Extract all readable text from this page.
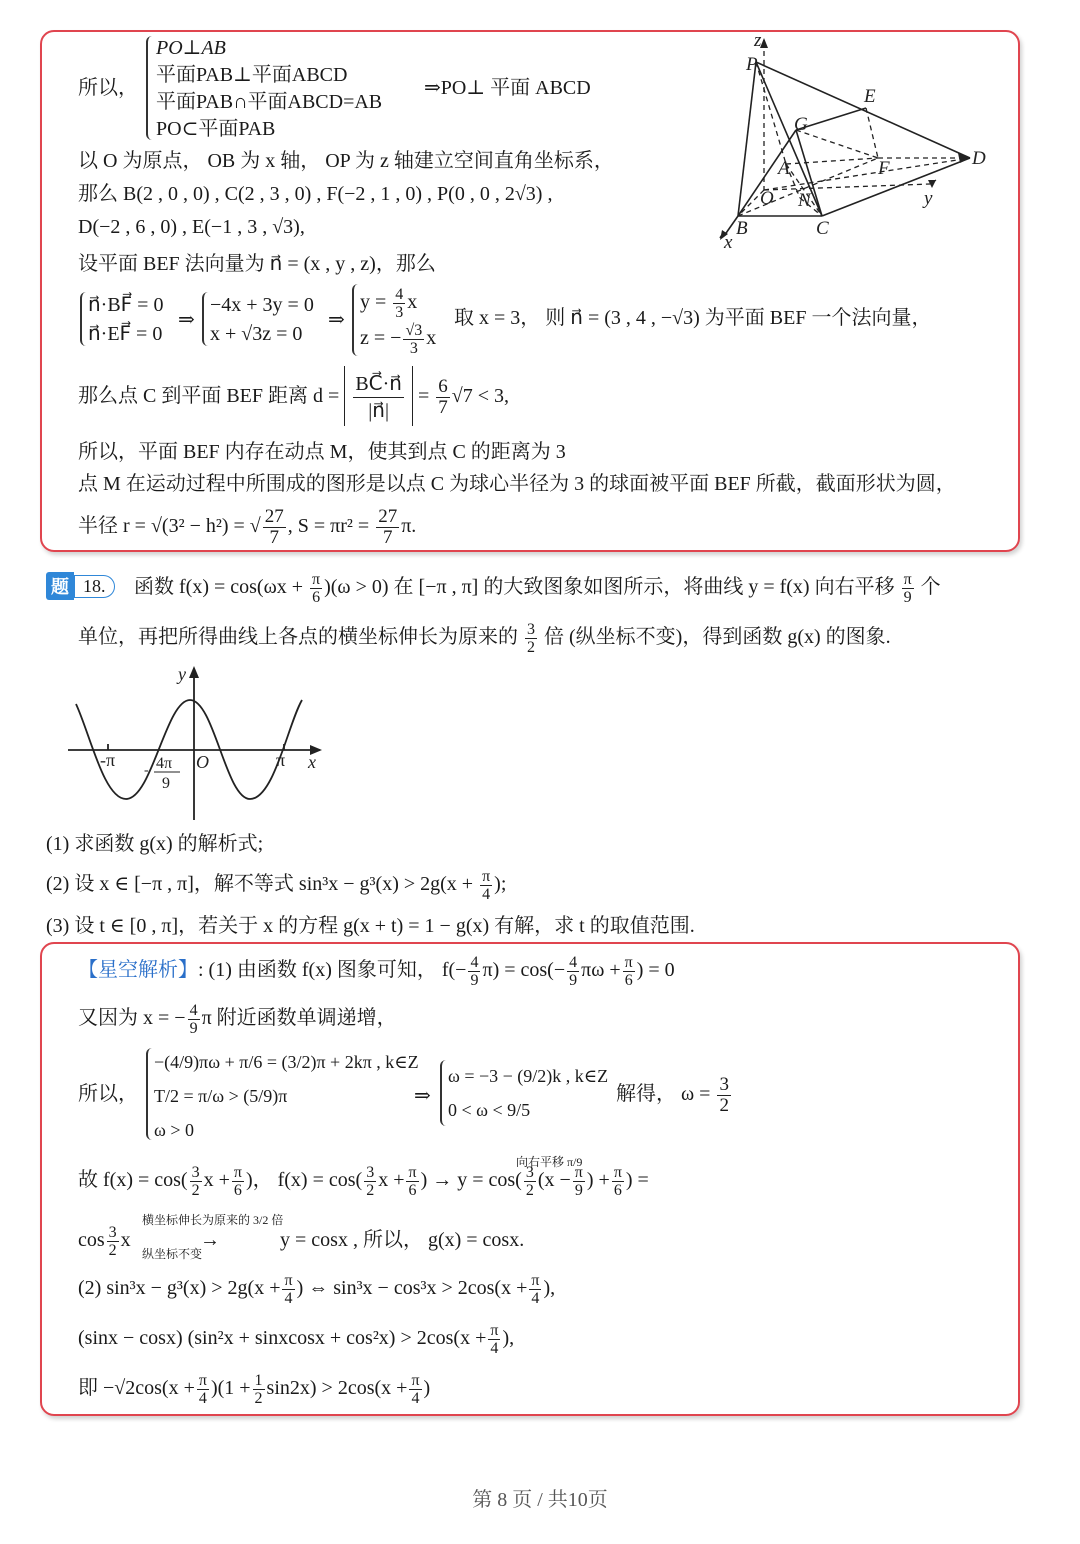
所以，
PO⊥AB
平面PAB⊥平面ABCD
平面PAB∩平面ABCD=AB
PO⊂平面PAB
⇒PO⊥ 平面 ABCD
以 O 为原点， OB 为 x 轴， OP 为 z 轴建立空间直角坐标系，
那么 B(2 , 0 , 0) , C(2 , 3 , 0) , F(−2 , 1 , 0) , P(0 , 0 , 2√3) ,
D(−2 , 6 , 0) , E(−1 , 3 , √3),
设平面 BEF 法向量为 n⃗ = (x , y , z)，那么
n⃗·BF⃗ = 0
n⃗·EF⃗ = 0
⇒
−4x + 3y = 0
x + √3z = 0
⇒
$y = \frac{4}{3}$ x
z = − $\frac{√3}{3}$ x
取 x = 3， 则 n⃗ = (3 , 4 , −√3) 为平面 BEF 一个法向量，
那么点 C 到平面 BEF 距离 $d = \frac{BC⃗\cdot n⃗}{|n⃗|} = \frac{6}{7} √7 < 3$,
所以，平面 BEF 内存在动点 M，使其到点 C 的距离为 3
点 M 在运动过程中所围成的图形是以点 C 为球心半径为 3 的球面被平面 BEF 所截，截面形状为圆，
半径 r = √(3² − h²) = √ $\frac{27}{7}$ , $S = \pi r^2 = \frac{27}{7} \pi$.
z
P
E
G
A	F	D
O N	y
B	C
x
题 18.	函数 $f(x) = \cos(\omega x + \frac{\pi}{6} )(\omega > 0)$ 在 [−π , π] 的大致图象如图所示，将曲线 y = f(x) 向右平移 $\frac{\pi}{9}$ 个
单位，再把所得曲线上各点的横坐标伸长为原来的 $\frac{3}{2}$ 倍 (纵坐标不变)，得到函数 g(x) 的图象.
y
x
-π	π
O
- 4π
9
(1) 求函数 g(x) 的解析式;
(2) 设 x ∈ [−π , π]，解不等式 $\sin^3x - g^3(x) > 2g(x + \frac{\pi}{4}$ );
(3) 设 t ∈ [0 , π]，若关于 x 的方程 g(x + t) = 1 − g(x) 有解，求 t 的取值范围.
【星空解析】: (1) 由函数 f(x) 图象可知， $f(- \frac{4}{9} \pi) = \cos(- \frac{4}{9}$ $\pi\omega + \frac{\pi}{6}$ ) = 0
又因为 x = − $\frac{4}{9}$ π 附近函数单调递增，
所以，
−(4/9)πω + π/6 = (3/2)π + 2kπ , k∈Z
T/2 = π/ω > (5/9)π
ω > 0
⇒
ω = −3 − (9/2)k , k∈Z
0 < ω < 9/5
解得， $\omega = \frac{3}{2}$
故 $f(x) = \cos( \frac{3}{2}$ $x + \frac{\pi}{6}$ )， $f(x) = \cos( \frac{3}{2}$ $x + \frac{\pi}{6}$ ) → $y = \cos( \frac{3}{2} (x - \frac{\pi}{9}$ ) + $\frac{\pi}{6}$ ) =
向右平移 π/9
$\cos \frac{3}{2}$ x
横坐标伸长为原来的 3/2 倍
→
纵坐标不变
y = cosx , 所以， g(x) = cosx.
(2) $\sin^3x - g^3(x) > 2g(x + \frac{\pi}{4}$ ) ⇔ $\sin^3x - \cos^3x > 2\cos(x + \frac{\pi}{4}$ ),
(sinx − cosx) (sin²x + sinxcosx + $\cos^2x) > 2\cos(x + \frac{\pi}{4}$ ),
即 $-√2\cos(x + \frac{\pi}{4} )(1 + \frac{1}{2} \sin 2x) > 2\cos(x + \frac{\pi}{4}$ )
第 8 页 / 共10页
